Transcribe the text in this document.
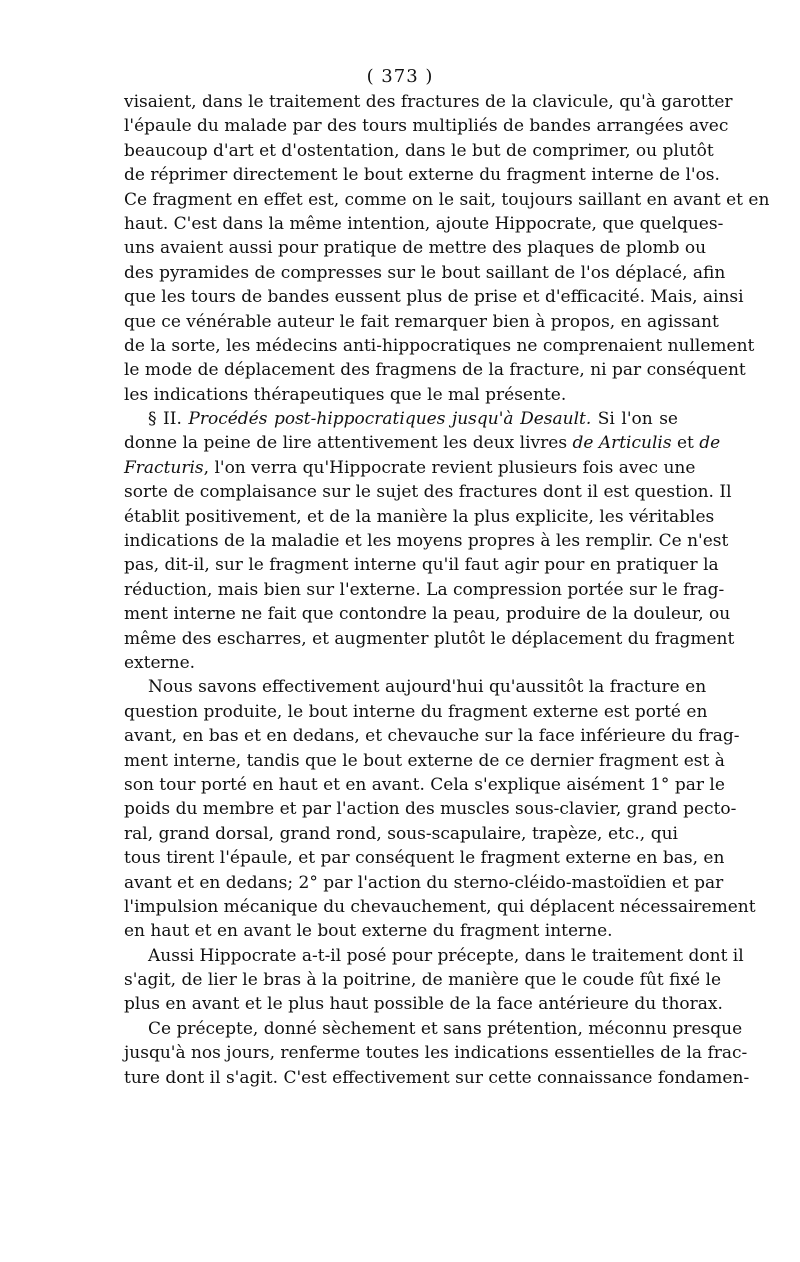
( 373 )
visaient, dans le traitement des fractures de la clavicule, qu'à garotter
l'épaule du malade par des tours multipliés de bandes arrangées avec
beaucoup d'art et d'ostentation, dans le but de comprimer, ou plutôt
de réprimer directement le bout externe du fragment interne de l'os.
Ce fragment en effet est, comme on le sait, toujours saillant en avant et en
haut. C'est dans la même intention, ajoute Hippocrate, que quelques-
uns avaient aussi pour pratique de mettre des plaques de plomb ou
des pyramides de compresses sur le bout saillant de l'os déplacé, afin
que les tours de bandes eussent plus de prise et d'efficacité. Mais, ainsi
que ce vénérable auteur le fait remarquer bien à propos, en agissant
de la sorte, les médecins anti-hippocratiques ne comprenaient nullement
le mode de déplacement des fragmens de la fracture, ni par conséquent
les indications thérapeutiques que le mal présente.
§ II. Procédés post-hippocratiques jusqu'à Desault. Si l'on se
donne la peine de lire attentivement les deux livres de Articulis et de
Fracturis, l'on verra qu'Hippocrate revient plusieurs fois avec une
sorte de complaisance sur le sujet des fractures dont il est question. Il
établit positivement, et de la manière la plus explicite, les véritables
indications de la maladie et les moyens propres à les remplir. Ce n'est
pas, dit-il, sur le fragment interne qu'il faut agir pour en pratiquer la
réduction, mais bien sur l'externe. La compression portée sur le frag-
ment interne ne fait que contondre la peau, produire de la douleur, ou
même des escharres, et augmenter plutôt le déplacement du fragment
externe.
Nous savons effectivement aujourd'hui qu'aussitôt la fracture en
question produite, le bout interne du fragment externe est porté en
avant, en bas et en dedans, et chevauche sur la face inférieure du frag-
ment interne, tandis que le bout externe de ce dernier fragment est à
son tour porté en haut et en avant. Cela s'explique aisément 1° par le
poids du membre et par l'action des muscles sous-clavier, grand pecto-
ral, grand dorsal, grand rond, sous-scapulaire, trapèze, etc., qui
tous tirent l'épaule, et par conséquent le fragment externe en bas, en
avant et en dedans; 2° par l'action du sterno-cléido-mastoïdien et par
l'impulsion mécanique du chevauchement, qui déplacent nécessairement
en haut et en avant le bout externe du fragment interne.
Aussi Hippocrate a-t-il posé pour précepte, dans le traitement dont il
s'agit, de lier le bras à la poitrine, de manière que le coude fût fixé le
plus en avant et le plus haut possible de la face antérieure du thorax.
Ce précepte, donné sèchement et sans prétention, méconnu presque
jusqu'à nos jours, renferme toutes les indications essentielles de la frac-
ture dont il s'agit. C'est effectivement sur cette connaissance fondamen-
